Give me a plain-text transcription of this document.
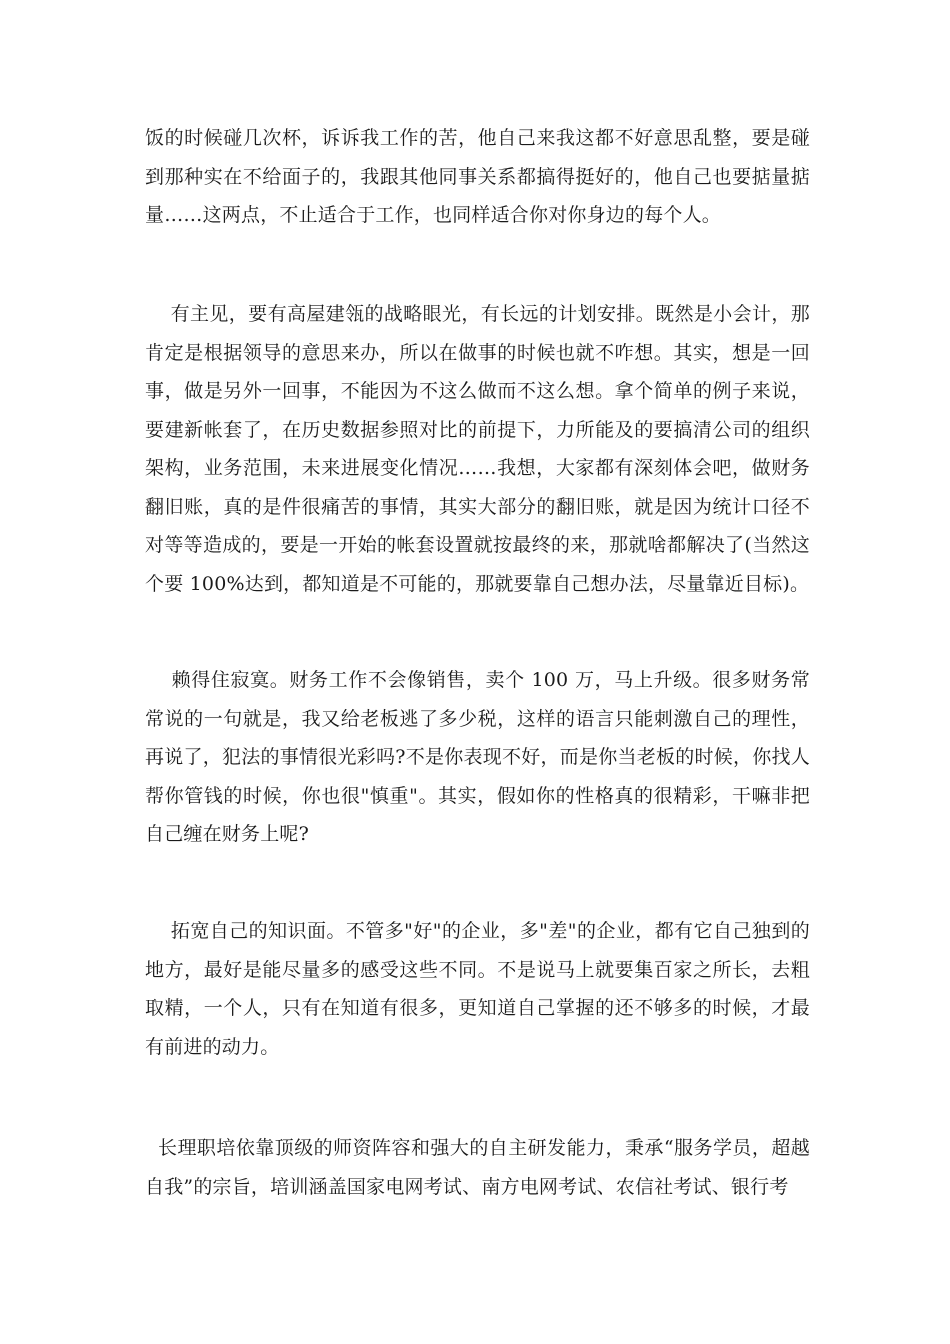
饭的时候碰几次杯，诉诉我工作的苦，他自己来我这都不好意思乱整，要是碰到那种实在不给面子的，我跟其他同事关系都搞得挺好的，他自己也要掂量掂量……这两点，不止适合于工作，也同样适合你对你身边的每个人。

有主见，要有高屋建瓴的战略眼光，有长远的计划安排。既然是小会计，那肯定是根据领导的意思来办，所以在做事的时候也就不咋想。其实，想是一回事，做是另外一回事，不能因为不这么做而不这么想。拿个简单的例子来说，要建新帐套了，在历史数据参照对比的前提下，力所能及的要搞清公司的组织架构，业务范围，未来进展变化情况……我想，大家都有深刻体会吧，做财务翻旧账，真的是件很痛苦的事情，其实大部分的翻旧账，就是因为统计口径不对等等造成的，要是一开始的帐套设置就按最终的来，那就啥都解决了(当然这个要 100%达到，都知道是不可能的，那就要靠自己想办法，尽量靠近目标)。

赖得住寂寞。财务工作不会像销售，卖个 100 万，马上升级。很多财务常常说的一句就是，我又给老板逃了多少税，这样的语言只能刺激自己的理性，再说了，犯法的事情很光彩吗?不是你表现不好，而是你当老板的时候，你找人帮你管钱的时候，你也很"慎重"。其实，假如你的性格真的很精彩，干嘛非把自己缠在财务上呢?

拓宽自己的知识面。不管多"好"的企业，多"差"的企业，都有它自己独到的地方，最好是能尽量多的感受这些不同。不是说马上就要集百家之所长，去粗取精，一个人，只有在知道有很多，更知道自己掌握的还不够多的时候，才最有前进的动力。

长理职培依靠顶级的师资阵容和强大的自主研发能力，秉承“服务学员，超越自我”的宗旨，培训涵盖国家电网考试、南方电网考试、农信社考试、银行考
